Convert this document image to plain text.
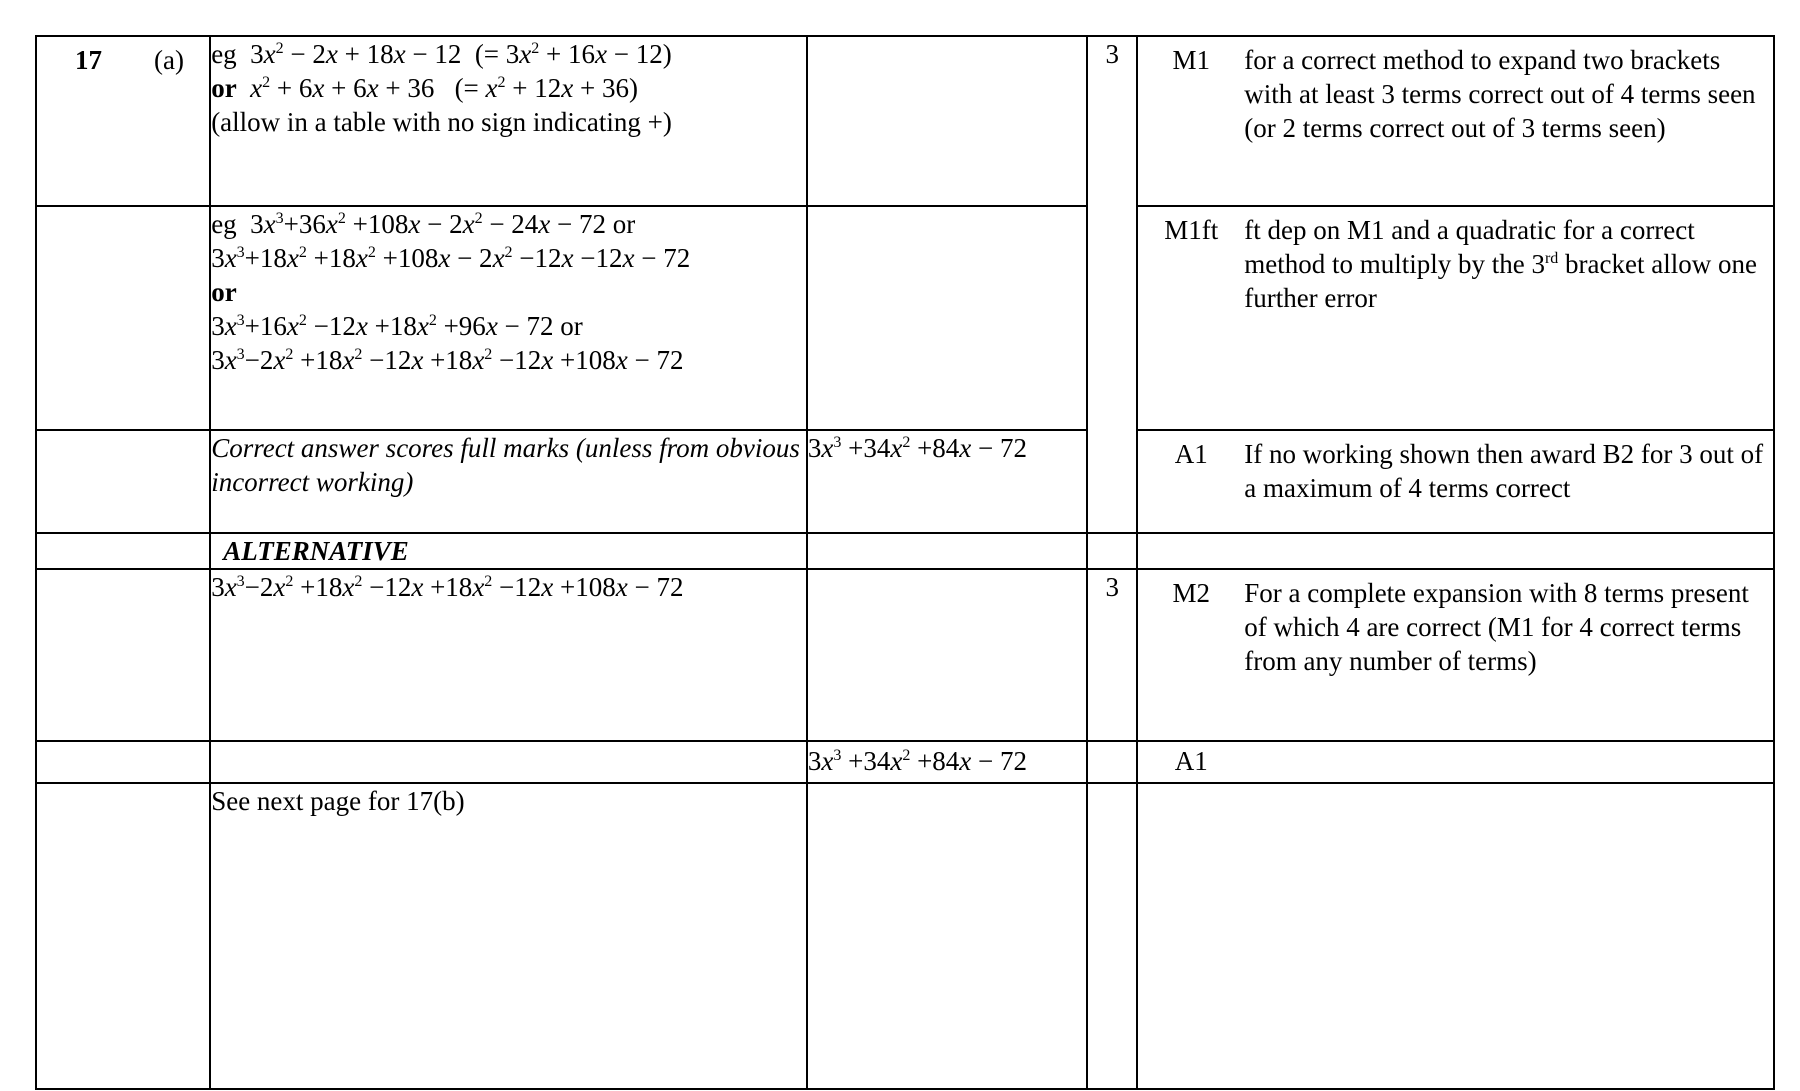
17 (a)	eg  $3x^2 - 2x + 18x - 12$  (= $3x^2 + 16x - 12$)
or $x^2 + 6x + 6x + 36$   (= $x^2 + 12x + 36$)
(allow in a table with no sign indicating +)		3	M1 for a correct method to expand two brackets with at least 3 terms correct out of 4 terms seen (or 2 terms correct out of 3 terms seen)

	eg  $3x^3+36x^2 +108x - 2x^2 - 24x - 72$ or
$3x^3+18x^2 +18x^2 +108x - 2x^2 -12x -12x - 72$
or
$3x^3+16x^2 -12x +18x^2 +96x - 72$ or
$3x^3-2x^2 +18x^2 -12x +18x^2 -12x +108x - 72$			M1ft ft dep on M1 and a quadratic for a correct method to multiply by the 3rd bracket allow one further error

	Correct answer scores full marks (unless from obvious incorrect working)	$3x^3 +34x^2 +84x - 72$		A1 If no working shown then award B2 for 3 out of a maximum of 4 terms correct

	ALTERNATIVE			

	$3x^3-2x^2 +18x^2 -12x +18x^2 -12x +108x - 72$		3	M2 For a complete expansion with 8 terms present of which 4 are correct (M1 for 4 correct terms from any number of terms)

		$3x^3 +34x^2 +84x - 72$		A1

	See next page for 17(b)			
